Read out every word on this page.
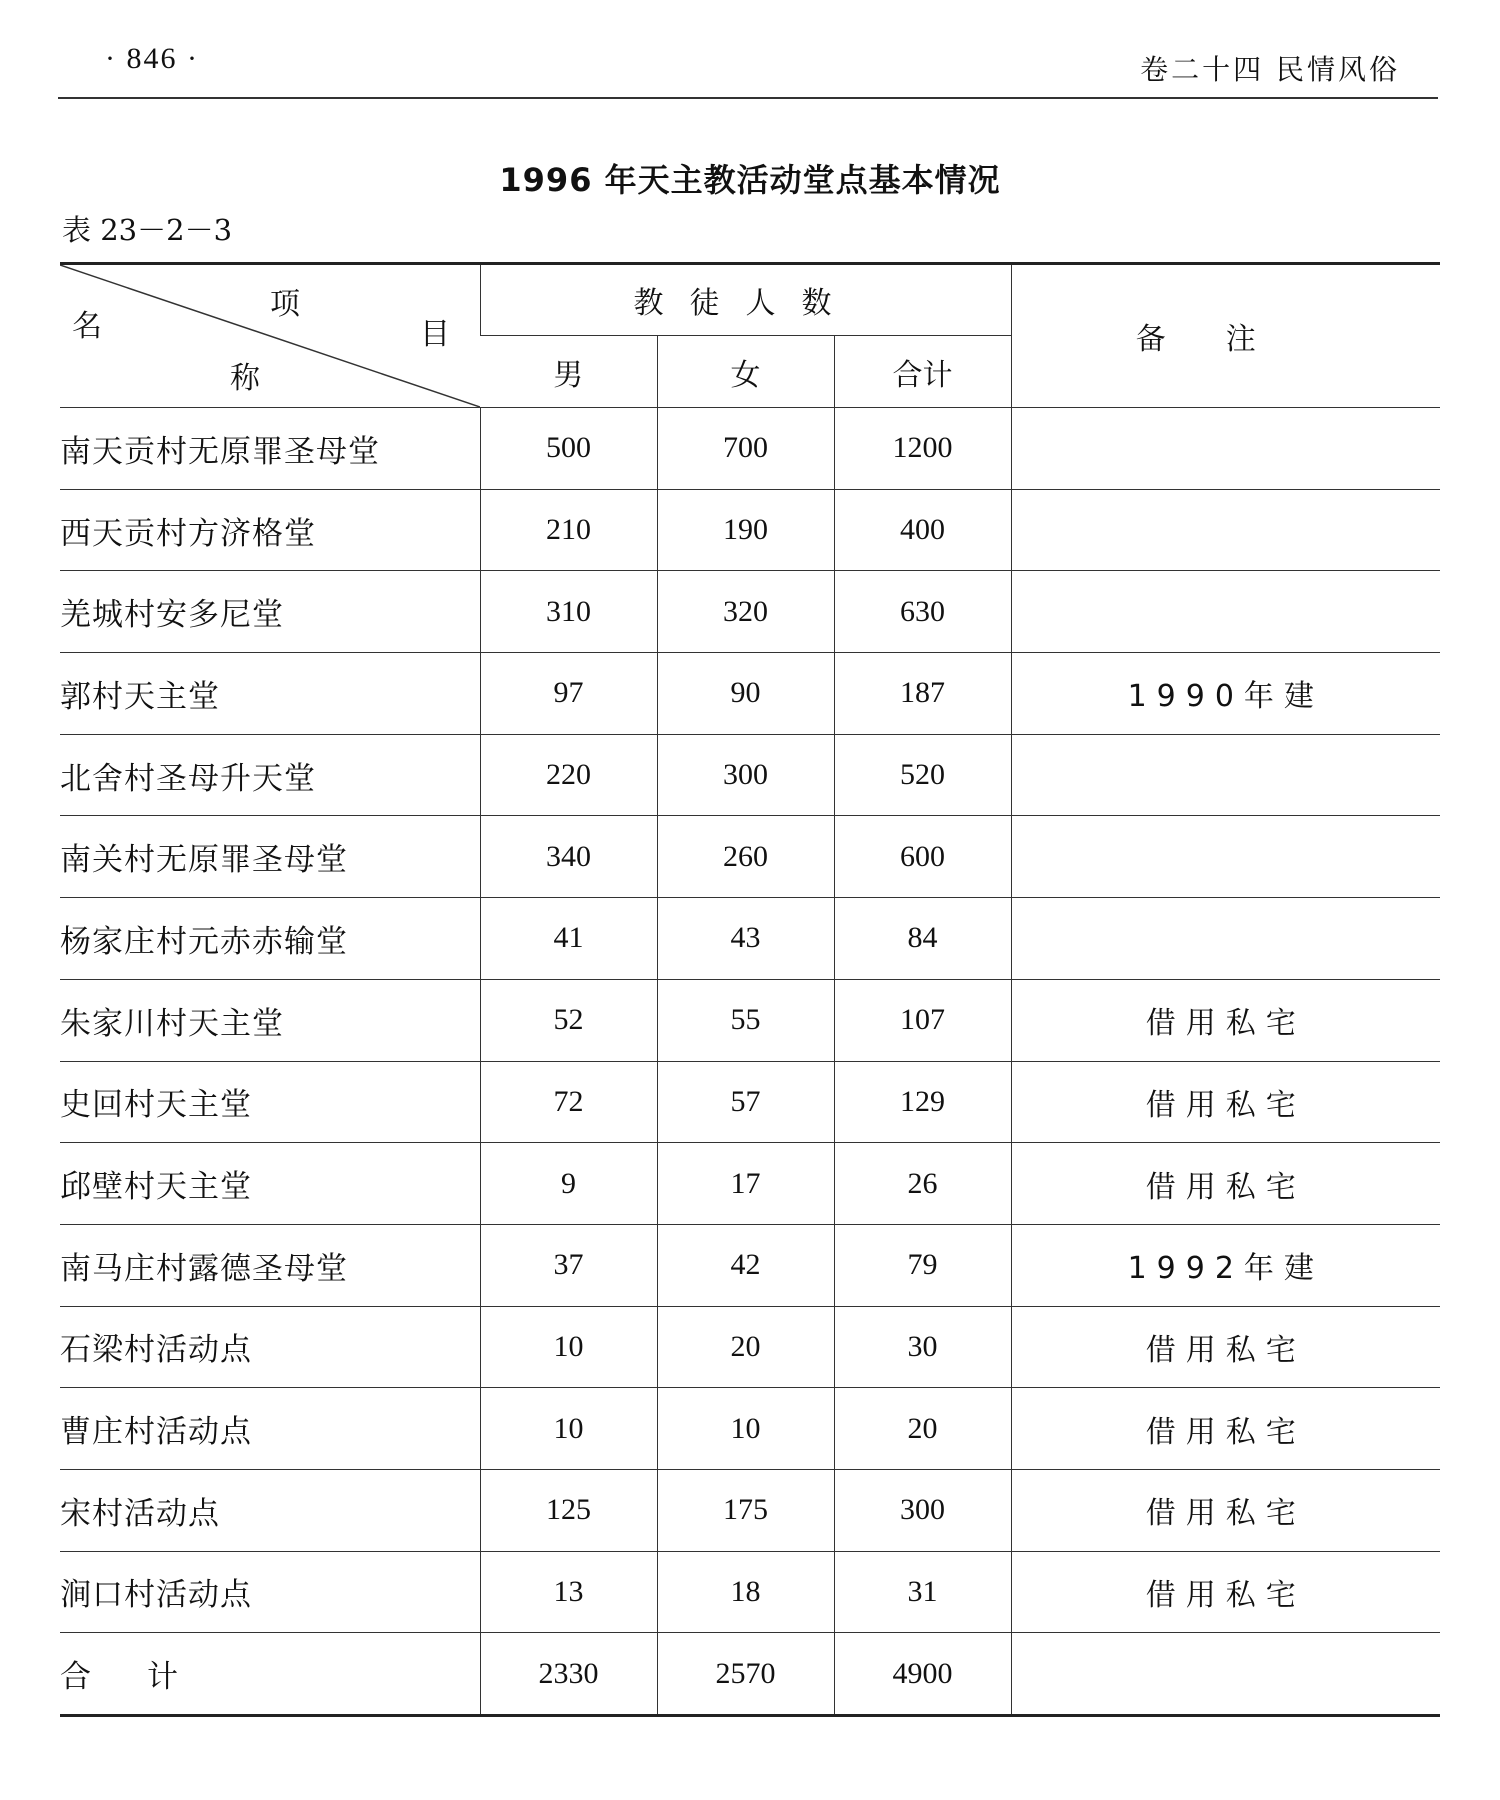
· 846 ·	卷二十四 民情风俗
1996 年天主教活动堂点基本情况
表 23－2－3
项
目
名
称	教徒人数			备注
	男	女	合计	
南天贡村无原罪圣母堂	500	700	1200	
西天贡村方济格堂	210	190	400	
羌城村安多尼堂	310	320	630	
郭村天主堂	97	90	187	1990年建
北舍村圣母升天堂	220	300	520	
南关村无原罪圣母堂	340	260	600	
杨家庄村元赤赤输堂	41	43	84	
朱家川村天主堂	52	55	107	借用私宅
史回村天主堂	72	57	129	借用私宅
邱壁村天主堂	9	17	26	借用私宅
南马庄村露德圣母堂	37	42	79	1992年建
石梁村活动点	10	20	30	借用私宅
曹庄村活动点	10	10	20	借用私宅
宋村活动点	125	175	300	借用私宅
涧口村活动点	13	18	31	借用私宅
合计	2330	2570	4900	
